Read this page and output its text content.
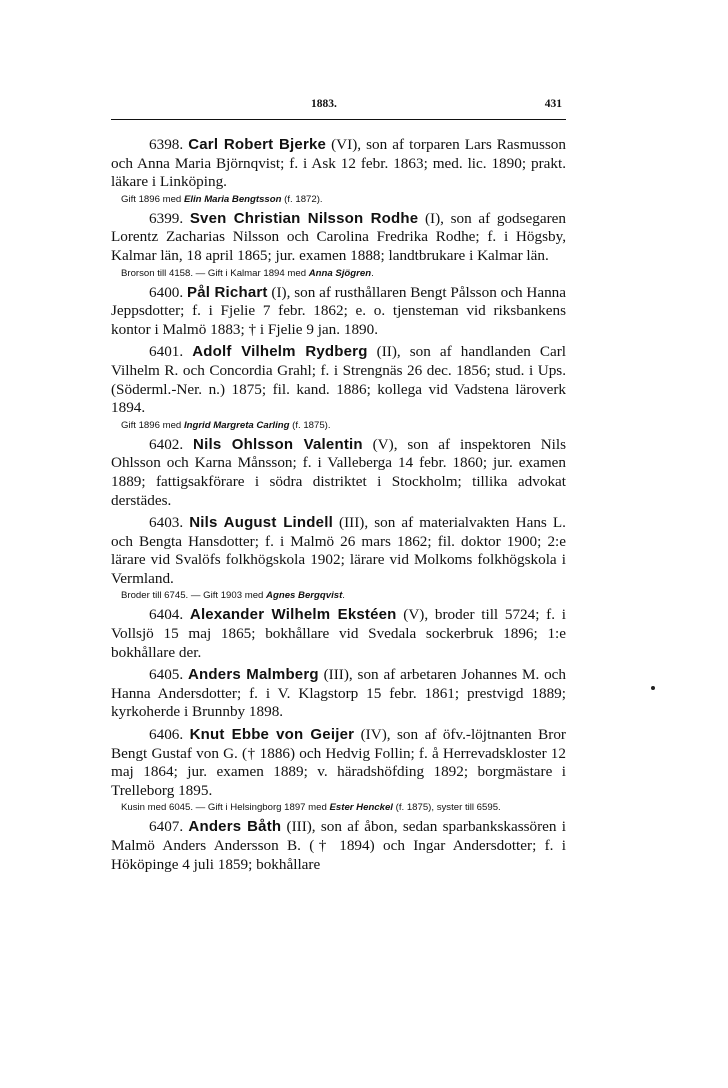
1883.	431

6398. Carl Robert Bjerke (VI), son af torparen Lars Rasmusson och Anna Maria Björnqvist; f. i Ask 12 febr. 1863; med. lic. 1890; prakt. läkare i Linköping.

Gift 1896 med Elin Maria Bengtsson (f. 1872).

6399. Sven Christian Nilsson Rodhe (I), son af godsegaren Lorentz Zacharias Nilsson och Carolina Fredrika Rodhe; f. i Högsby, Kalmar län, 18 april 1865; jur. examen 1888; landtbrukare i Kalmar län.

Brorson till 4158. — Gift i Kalmar 1894 med Anna Sjögren.

6400. Pål Richart (I), son af rusthållaren Bengt Pålsson och Hanna Jeppsdotter; f. i Fjelie 7 febr. 1862; e. o. tjensteman vid riksbankens kontor i Malmö 1883; † i Fjelie 9 jan. 1890.

6401. Adolf Vilhelm Rydberg (II), son af handlanden Carl Vilhelm R. och Concordia Grahl; f. i Strengnäs 26 dec. 1856; stud. i Ups. (Söderml.-Ner. n.) 1875; fil. kand. 1886; kollega vid Vadstena läroverk 1894.

Gift 1896 med Ingrid Margreta Carling (f. 1875).

6402. Nils Ohlsson Valentin (V), son af inspektoren Nils Ohlsson och Karna Månsson; f. i Valleberga 14 febr. 1860; jur. examen 1889; fattigsakförare i södra distriktet i Stockholm; tillika advokat derstädes.

6403. Nils August Lindell (III), son af materialvakten Hans L. och Bengta Hansdotter; f. i Malmö 26 mars 1862; fil. doktor 1900; 2:e lärare vid Svalöfs folkhögskola 1902; lärare vid Molkoms folkhögskola i Vermland.

Broder till 6745. — Gift 1903 med Agnes Bergqvist.

6404. Alexander Wilhelm Ekstéen (V), broder till 5724; f. i Vollsjö 15 maj 1865; bokhållare vid Svedala sockerbruk 1896; 1:e bokhållare der.

6405. Anders Malmberg (III), son af arbetaren Johannes M. och Hanna Andersdotter; f. i V. Klagstorp 15 febr. 1861; prestvigd 1889; kyrkoherde i Brunnby 1898.

6406. Knut Ebbe von Geijer (IV), son af öfv.-löjtnanten Bror Bengt Gustaf von G. († 1886) och Hedvig Follin; f. å Herrevadskloster 12 maj 1864; jur. examen 1889; v. häradshöfding 1892; borgmästare i Trelleborg 1895.

Kusin med 6045. — Gift i Helsingborg 1897 med Ester Henckel (f. 1875), syster till 6595.

6407. Anders Båth (III), son af åbon, sedan sparbankskassören i Malmö Anders Andersson B. († 1894) och Ingar Andersdotter; f. i Hököpinge 4 juli 1859; bokhållare
